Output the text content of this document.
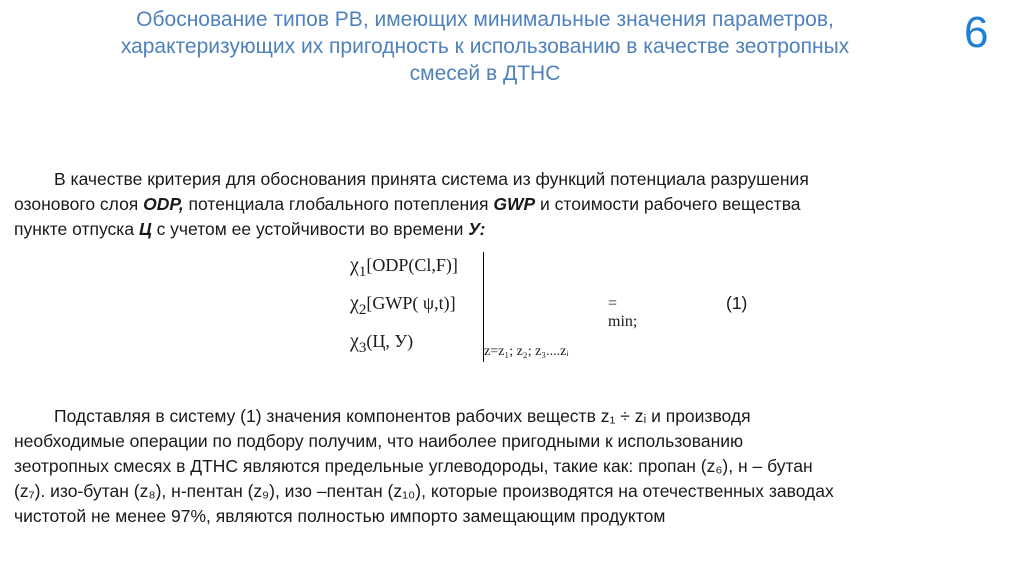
Обоснование типов РВ, имеющих минимальные значения параметров,
характеризующих их пригодность к использованию в качестве зеотропных
смесей в ДТНС
6
В качестве критерия для обоснования принята система из функций потенциала разрушения
озонового слоя ODP, потенциала глобального потепления GWP и стоимости рабочего вещества
пункте отпуска Ц с учетом ее устойчивости во времени У:
$\chi_1[ODP(Cl,F)]$
$\chi_2[GWP$( ψ,t)]
$\chi_3(Ц$, У)
z=z₁; z₂; z₃....zᵢ
= min;
(1)
Подставляя в систему (1) значения компонентов рабочих веществ z₁ ÷ zᵢ и производя
необходимые операции по подбору получим, что наиболее пригодными к использованию
зеотропных смесях в ДТНС являются предельные углеводороды, такие как: пропан (z₆), н – бутан
(z₇). изо-бутан (z₈), н-пентан (z₉), изо –пентан (z₁₀), которые производятся на отечественных заводах
чистотой не менее 97%, являются полностью импорто замещающим продуктом
